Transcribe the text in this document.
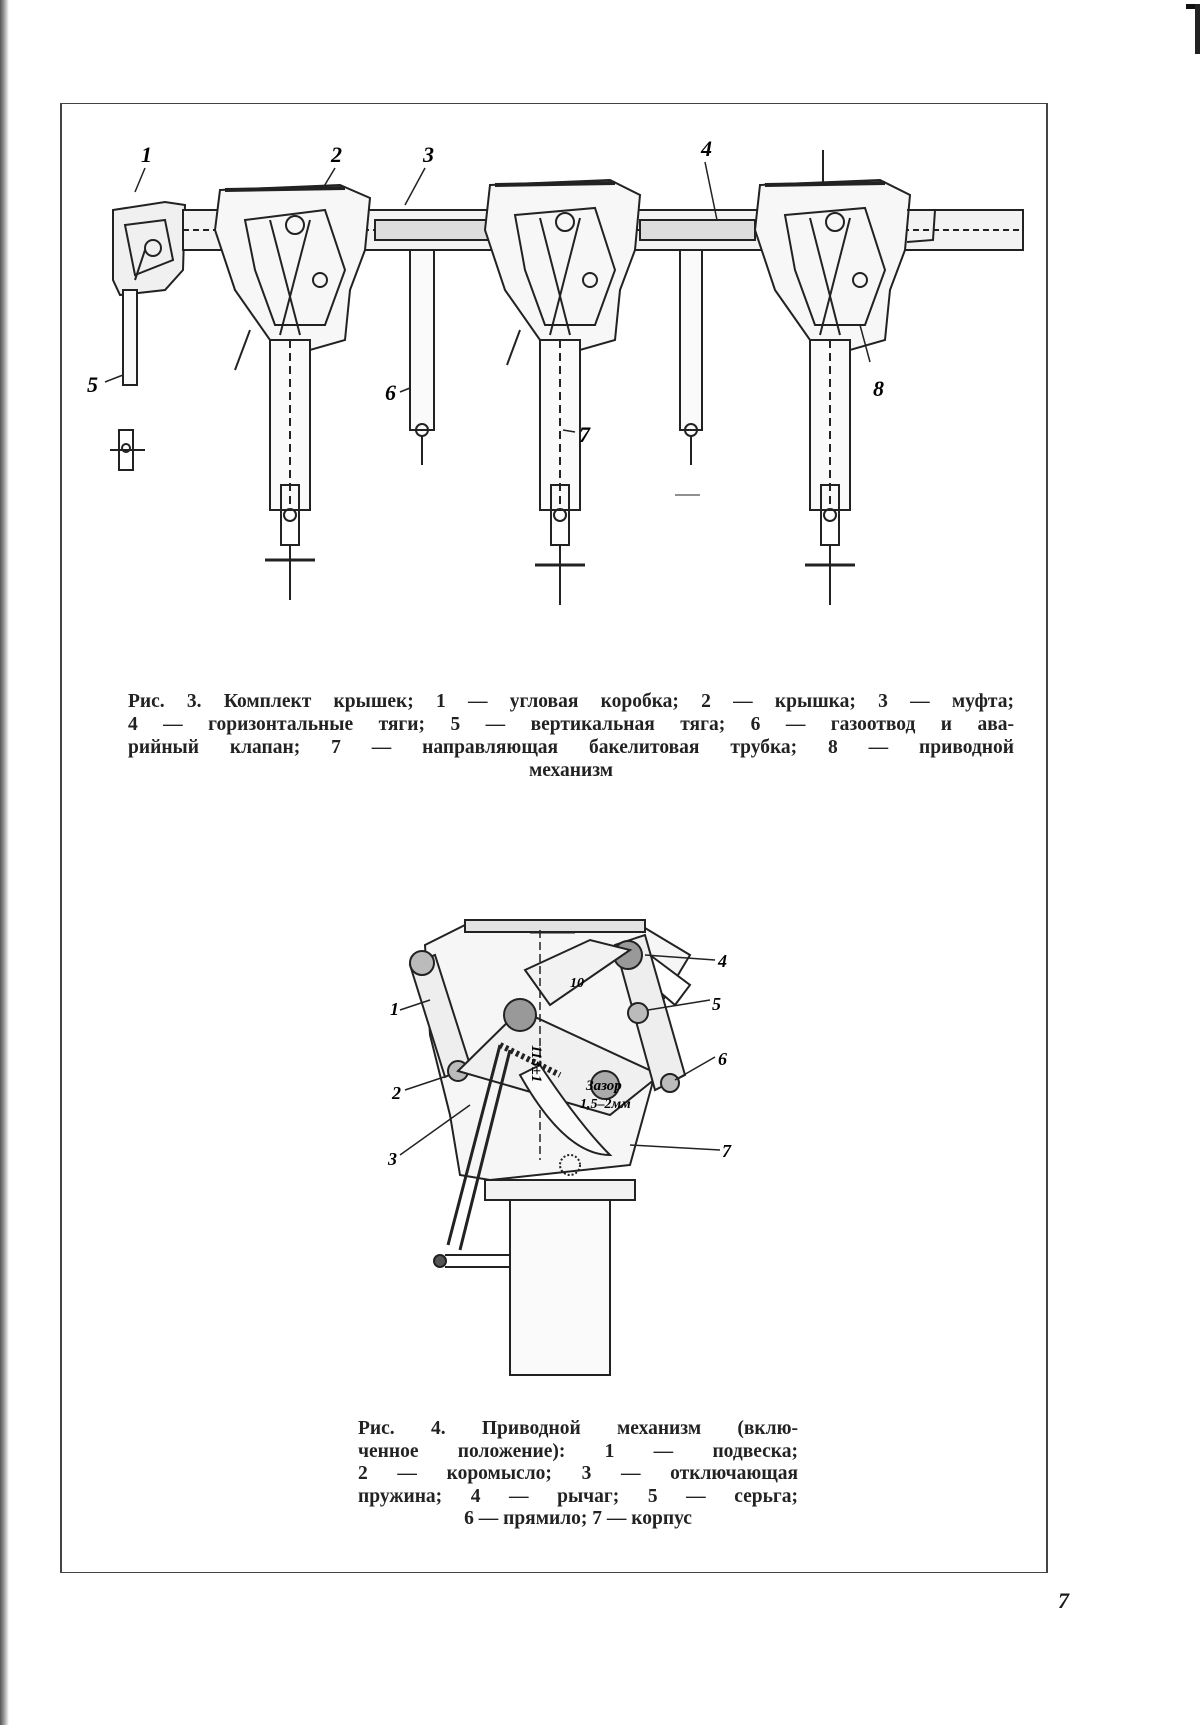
1	2	3	4
5	6
7
8
Рис. 3. Комплект крышек; 1 — угловая коробка; 2 — крышка; 3 — муфта;
4 — горизонтальные тяги; 5 — вертикальная тяга; 6 — газоотвод и ава-
рийный клапан; 7 — направляющая бакелитовая трубка; 8 — приводной
механизм
1
2
3
4
5
6
7
113±1
Зазор
1,5–2мм
10
Рис. 4. Приводной механизм (вклю-
ченное положение): 1 — подвеска;
2 — коромысло; 3 — отключающая
пружина; 4 — рычаг; 5 — серьга;
6 — прямило; 7 — корпус
7
